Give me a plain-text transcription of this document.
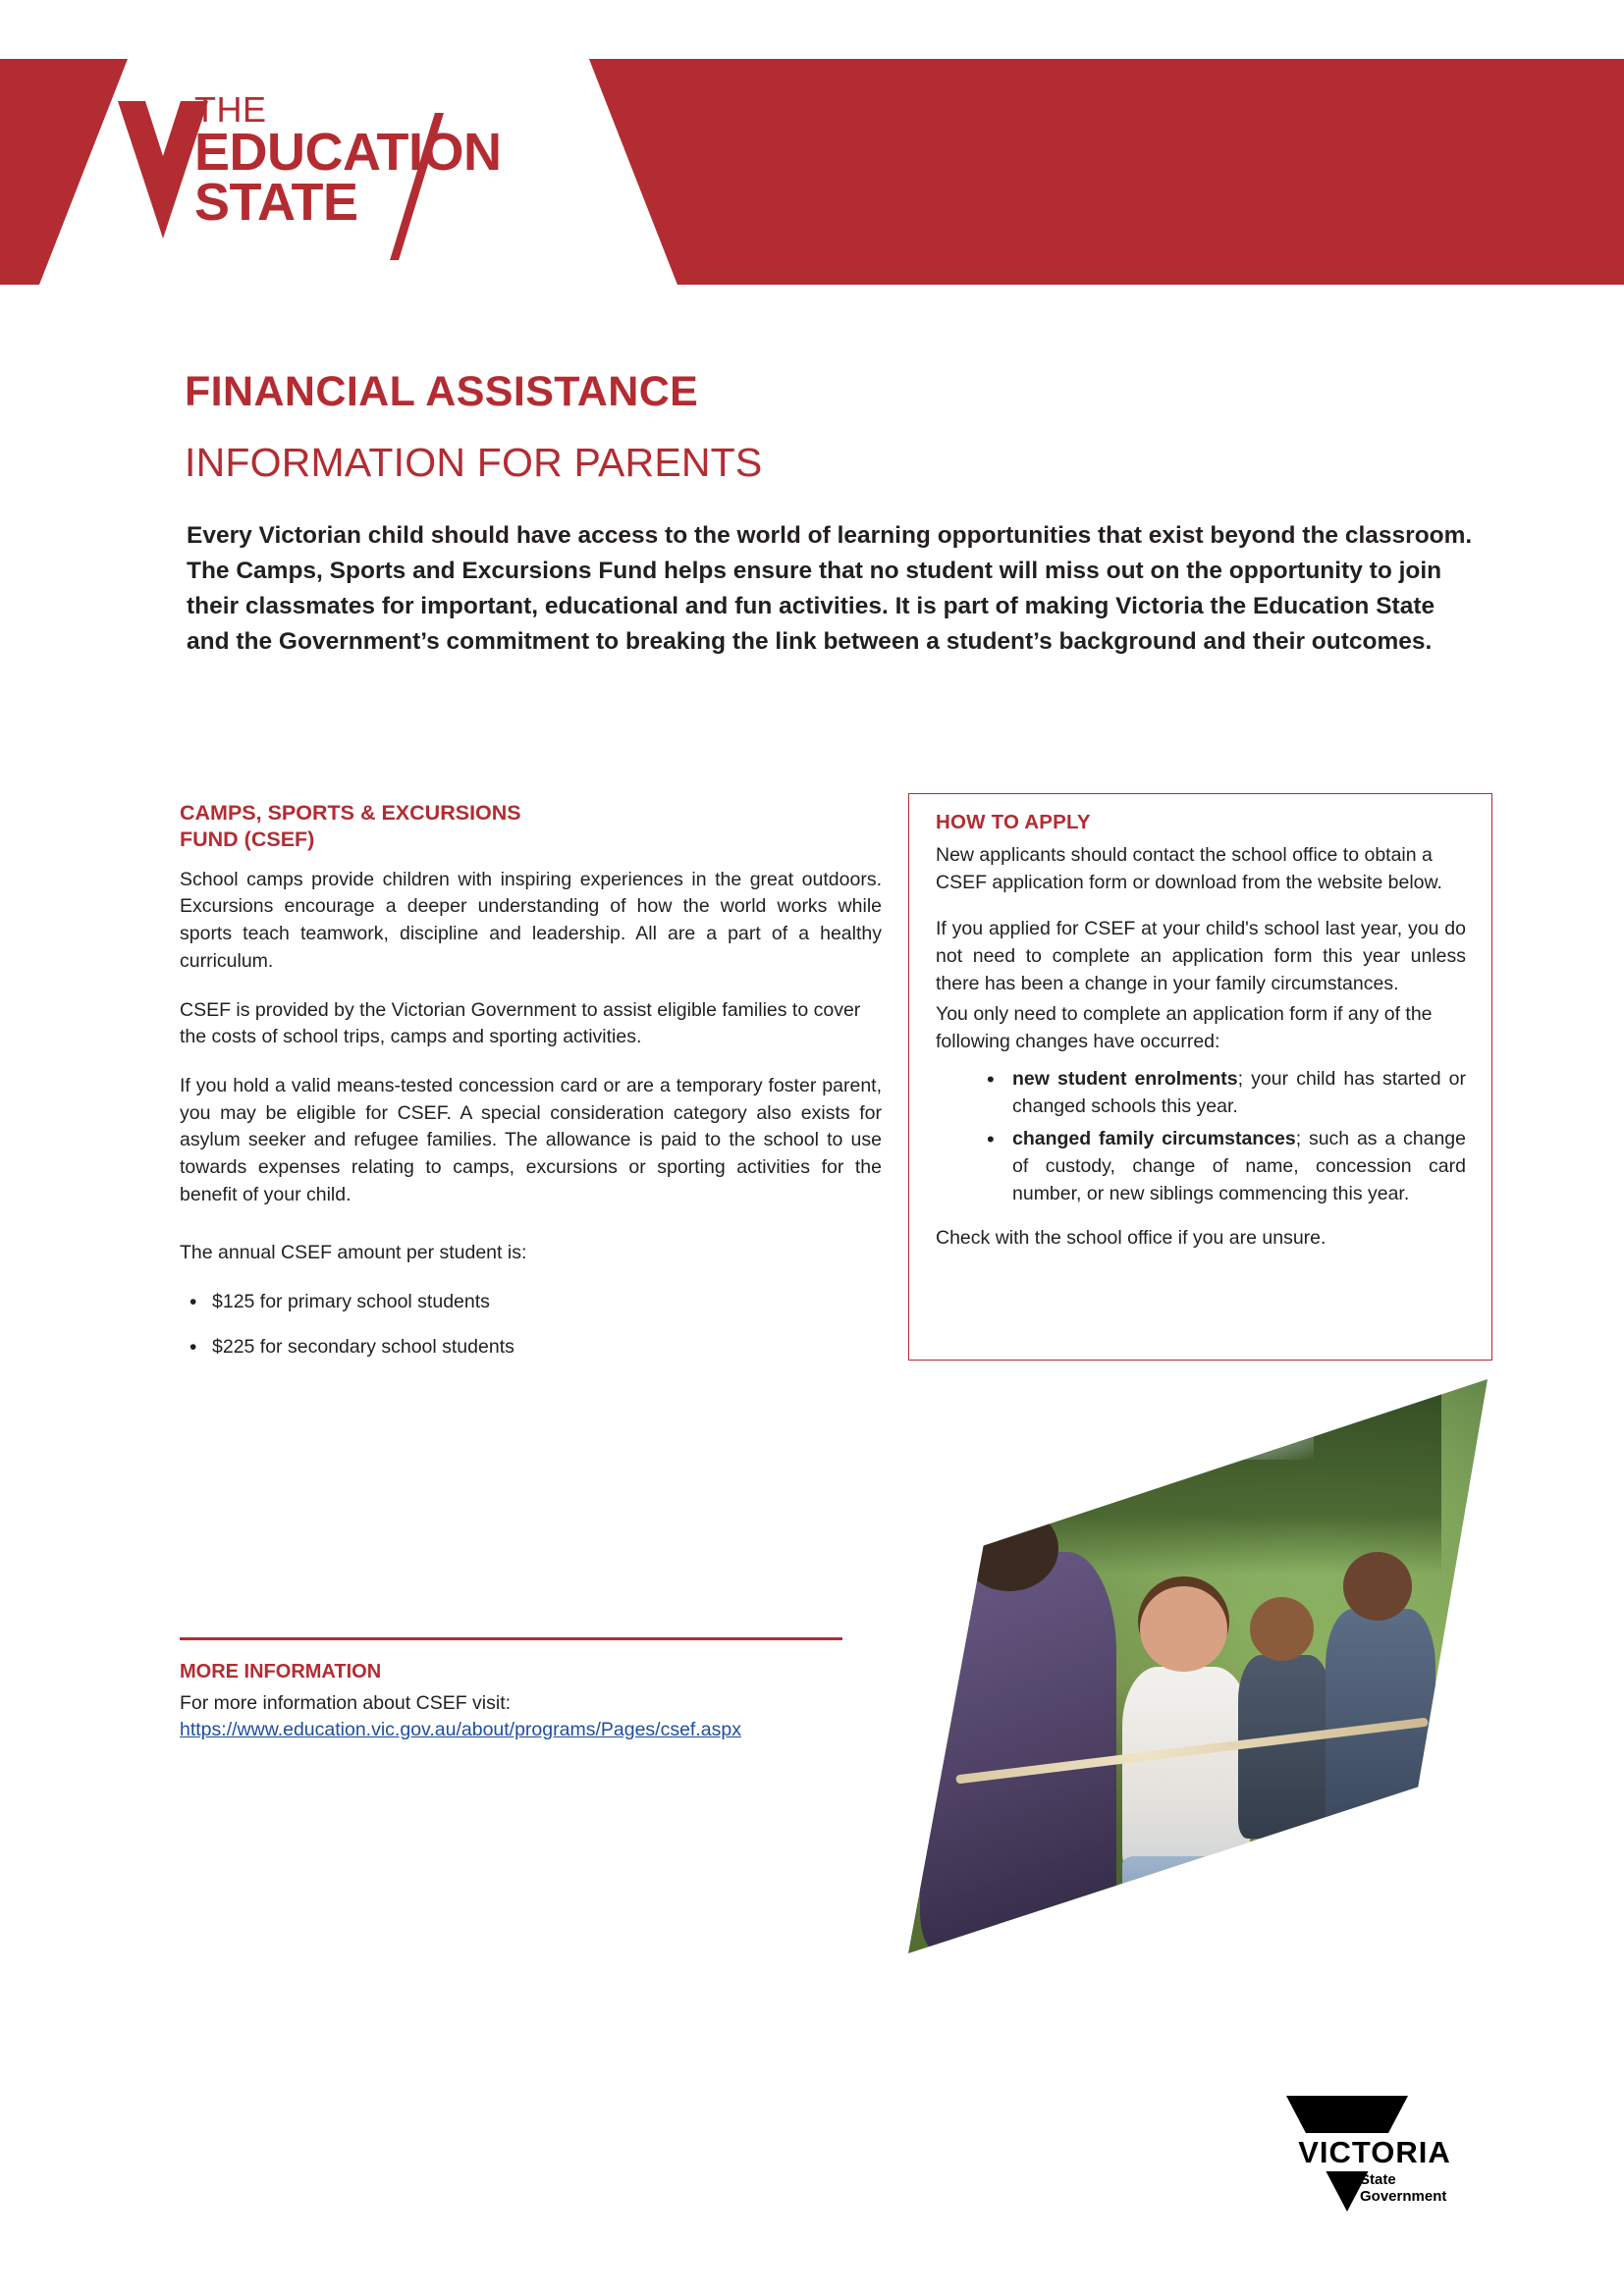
THE
EDUCATION
STATE
FINANCIAL ASSISTANCE
INFORMATION FOR PARENTS
Every Victorian child should have access to the world of learning opportunities that exist beyond the classroom. The Camps, Sports and Excursions Fund helps ensure that no student will miss out on the opportunity to join their classmates for important, educational and fun activities. It is part of making Victoria the Education State and the Government’s commitment to breaking the link between a student’s background and their outcomes.
CAMPS, SPORTS & EXCURSIONS
FUND (CSEF)

School camps provide children with inspiring experiences in the great outdoors. Excursions encourage a deeper understanding of how the world works while sports teach teamwork, discipline and leadership. All are a part of a healthy curriculum.

CSEF is provided by the Victorian Government to assist eligible families to cover the costs of school trips, camps and sporting activities.

If you hold a valid means-tested concession card or are a temporary foster parent, you may be eligible for CSEF. A special consideration category also exists for asylum seeker and refugee families. The allowance is paid to the school to use towards expenses relating to camps, excursions or sporting activities for the benefit of your child.

The annual CSEF amount per student is:

• $125 for primary school students
• $225 for secondary school students
MORE INFORMATION
For more information about CSEF visit:
https://www.education.vic.gov.au/about/programs/Pages/csef.aspx
HOW TO APPLY

New applicants should contact the school office to obtain a CSEF application form or download from the website below.

If you applied for CSEF at your child's school last year, you do not need to complete an application form this year unless there has been a change in your family circumstances.

You only need to complete an application form if any of the following changes have occurred:

• new student enrolments; your child has started or changed schools this year.
• changed family circumstances; such as a change of custody, change of name, concession card number, or new siblings commencing this year.

Check with the school office if you are unsure.

VICTORIA
State
Government
